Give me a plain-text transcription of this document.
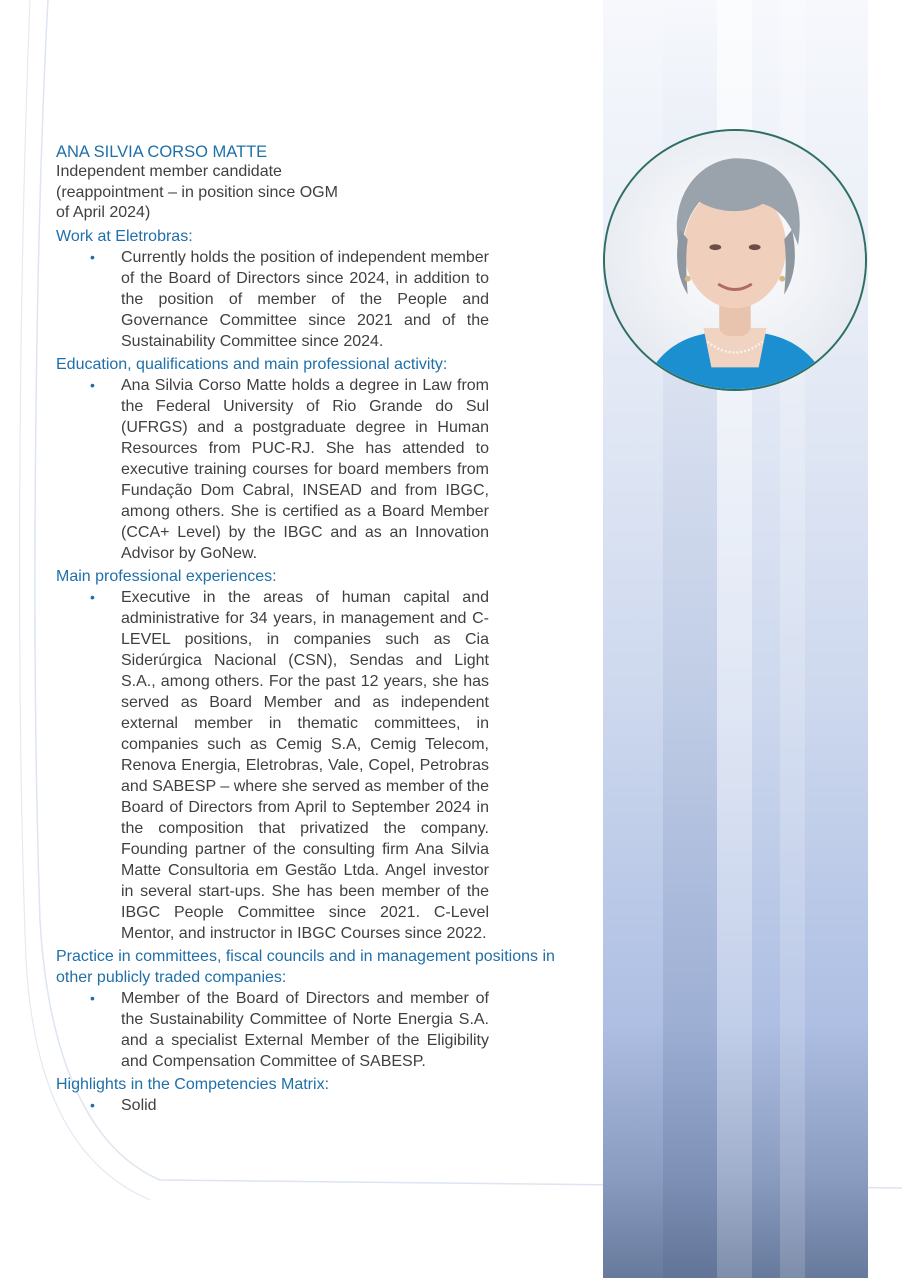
ANA SILVIA CORSO MATTE

Independent member candidate

(reappointment – in position since OGM

of April 2024)

Work at Eletrobras:

• Currently holds the position of independent member of the Board of Directors since 2024, in addition to the position of member of the People and Governance Committee since 2021 and of the Sustainability Committee since 2024.

Education, qualifications and main professional activity:

• Ana Silvia Corso Matte holds a degree in Law from the Federal University of Rio Grande do Sul (UFRGS) and a postgraduate degree in Human Resources from PUC-RJ. She has attended to executive training courses for board members from Fundação Dom Cabral, INSEAD and from IBGC, among others. She is certified as a Board Member (CCA+ Level) by the IBGC and as an Innovation Advisor by GoNew.

Main professional experiences:

• Executive in the areas of human capital and administrative for 34 years, in management and C-LEVEL positions, in companies such as Cia Siderúrgica Nacional (CSN), Sendas and Light S.A., among others. For the past 12 years, she has served as Board Member and as independent external member in thematic committees, in companies such as Cemig S.A, Cemig Telecom, Renova Energia, Eletrobras, Vale, Copel, Petrobras and SABESP – where she served as member of the Board of Directors from April to September 2024 in the composition that privatized the company. Founding partner of the consulting firm Ana Silvia Matte Consultoria em Gestão Ltda. Angel investor in several start-ups. She has been member of the IBGC People Committee since 2021. C-Level Mentor, and instructor in IBGC Courses since 2022.

Practice in committees, fiscal councils and in management positions in other publicly traded companies:

• Member of the Board of Directors and member of the Sustainability Committee of Norte Energia S.A. and a specialist External Member of the Eligibility and Compensation Committee of SABESP.

Highlights in the Competencies Matrix:

• Solid
